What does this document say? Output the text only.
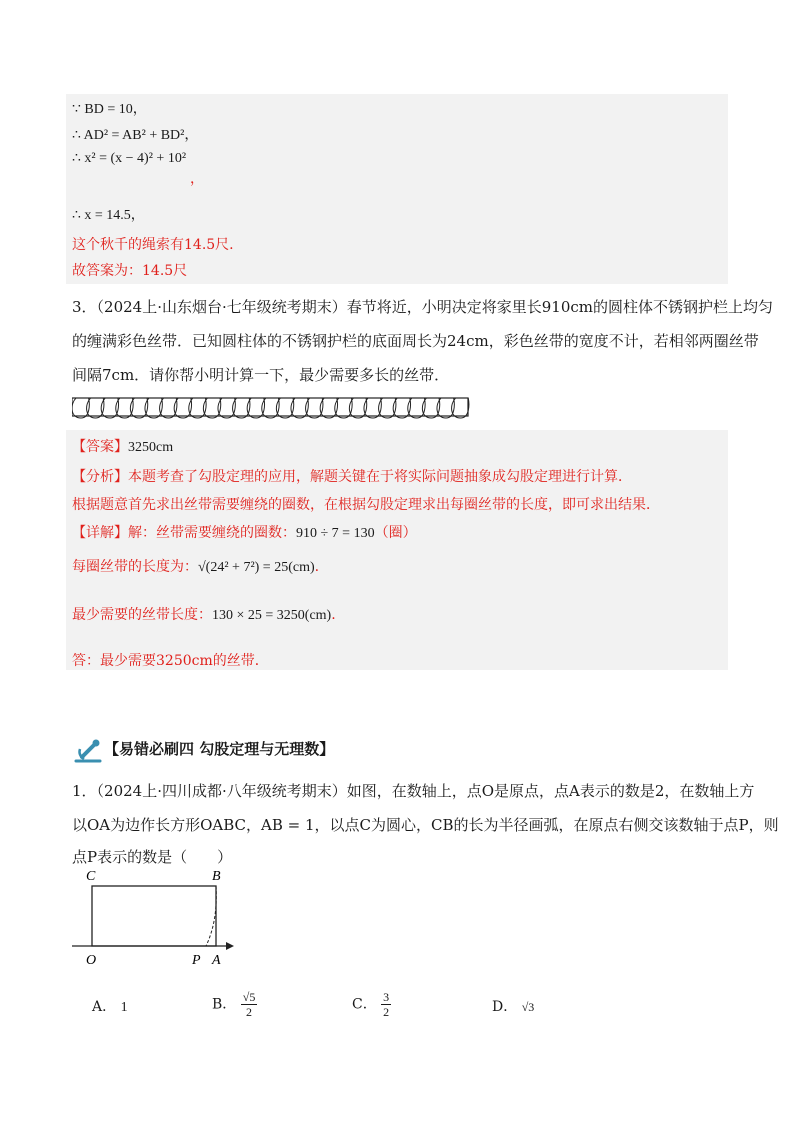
∵ BD = 10，
∴ AD² = AB² + BD²，
∴ x² = (x − 4)² + 10²
，
∴ x = 14.5，
这个秋千的绳索有14.5尺.
故答案为：14.5尺
3．（2024上·山东烟台·七年级统考期末）春节将近，小明决定将家里长910cm的圆柱体不锈钢护栏上均匀
的缠满彩色丝带．已知圆柱体的不锈钢护栏的底面周长为24cm，彩色丝带的宽度不计，若相邻两圈丝带
间隔7cm．请你帮小明计算一下，最少需要多长的丝带．
【答案】3250cm
【分析】本题考查了勾股定理的应用，解题关键在于将实际问题抽象成勾股定理进行计算．
根据题意首先求出丝带需要缠绕的圈数，在根据勾股定理求出每圈丝带的长度，即可求出结果．
【详解】解：丝带需要缠绕的圈数：910 ÷ 7 = 130（圈）
每圈丝带的长度为：√(24² + 7²) = 25(cm).
最少需要的丝带长度：130 × 25 = 3250(cm).
答：最少需要3250cm的丝带．
【易错必刷四 勾股定理与无理数】
1．（2024上·四川成都·八年级统考期末）如图，在数轴上，点O是原点，点A表示的数是2，在数轴上方
以OA为边作长方形OABC，AB = 1，以点C为圆心，CB的长为半径画弧，在原点右侧交该数轴于点P，则
点P表示的数是（　　）
C	B
O	P A
A． 1	B． $\frac{√5}{2}$	C． $\frac{3}{2}$	D． √3
